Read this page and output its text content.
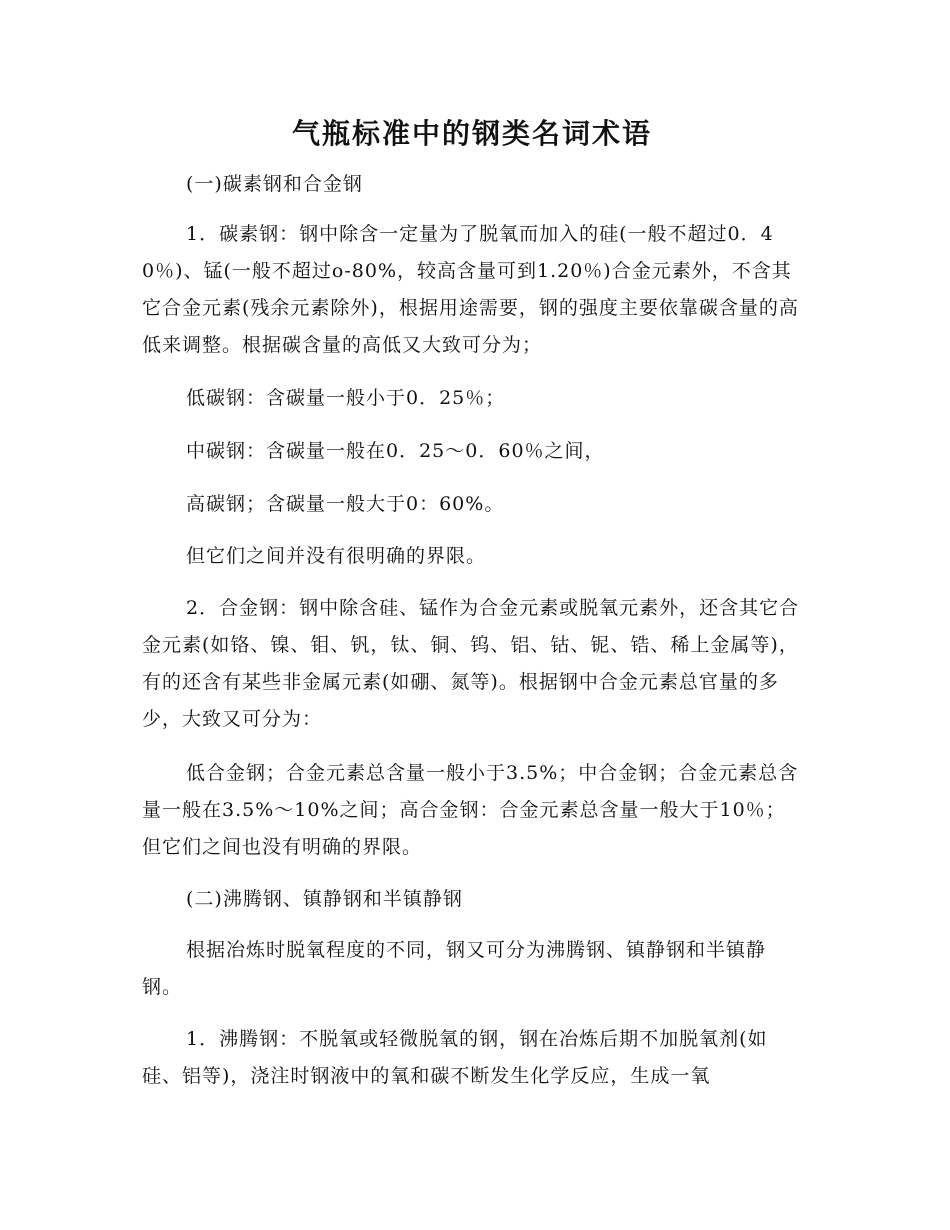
气瓶标准中的钢类名词术语

(一)碳素钢和合金钢

1．碳素钢：钢中除含一定量为了脱氧而加入的硅(一般不超过0．40％)、锰(一般不超过o-80%，较高含量可到1.20％)合金元素外，不含其它合金元素(残余元素除外)，根据用途需要，钢的强度主要依靠碳含量的高低来调整。根据碳含量的高低又大致可分为；

低碳钢：含碳量一般小于0．25％；

中碳钢：含碳量一般在0．25～0．60％之间，

高碳钢；含碳量一般大于0：60%。

但它们之间并没有很明确的界限。

2．合金钢：钢中除含硅、锰作为合金元素或脱氧元素外，还含其它合金元素(如铬、镍、钼、钒，钛、铜、钨、铝、钴、铌、锆、稀上金属等)，有的还含有某些非金属元素(如硼、氮等)。根据钢中合金元素总官量的多少，大致又可分为：

低合金钢；合金元素总含量一般小于3.5%；中合金钢；合金元素总含量一般在3.5%～10%之间；高合金钢：合金元素总含量一般大于10％；但它们之间也没有明确的界限。

(二)沸腾钢、镇静钢和半镇静钢

根据冶炼时脱氧程度的不同，钢又可分为沸腾钢、镇静钢和半镇静钢。

1．沸腾钢：不脱氧或轻微脱氧的钢，钢在冶炼后期不加脱氧剂(如硅、铝等)，浇注时钢液中的氧和碳不断发生化学反应，生成一氧
